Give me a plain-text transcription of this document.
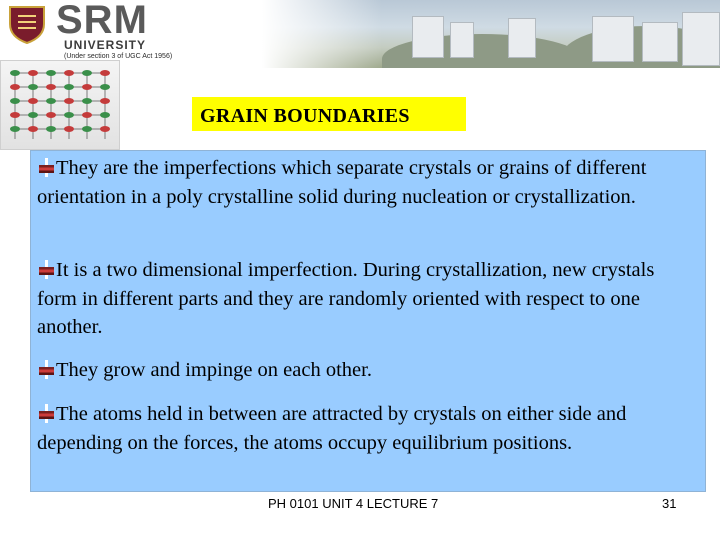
SRM
UNIVERSITY
(Under section 3 of UGC Act 1956)
GRAIN BOUNDARIES

They are the imperfections which separate crystals or grains of different orientation in a poly crystalline solid during nucleation or crystallization.

It is a two dimensional imperfection. During crystallization, new crystals form in different parts and they are randomly oriented with respect to one another.

They grow and impinge on each other.

The atoms held in between are attracted by crystals on either side and depending on the forces, the atoms occupy equilibrium positions.

PH 0101 UNIT 4 LECTURE 7	31
